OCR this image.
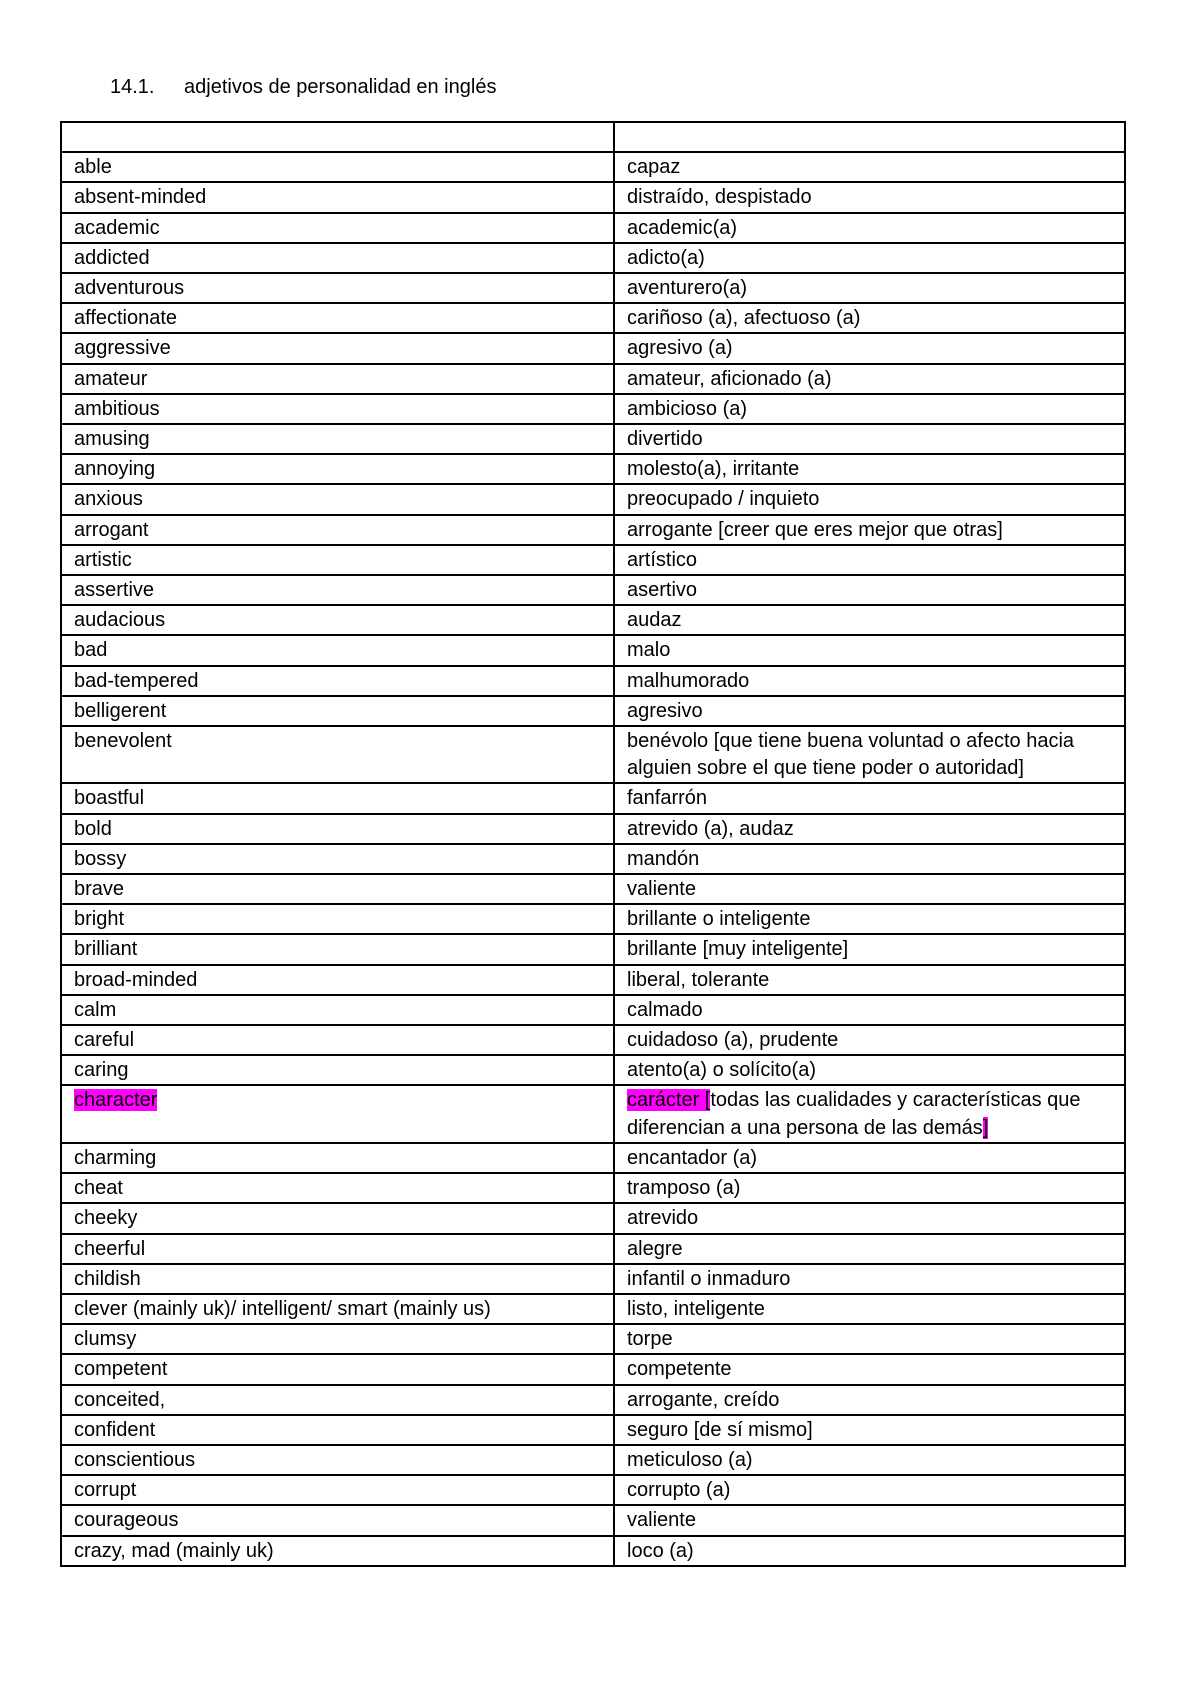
14.1. adjetivos de personalidad en inglés

able	capaz
absent-minded	distraído, despistado
academic	academic(a)
addicted	adicto(a)
adventurous	aventurero(a)
affectionate	cariñoso (a), afectuoso (a)
aggressive	agresivo (a)
amateur	amateur, aficionado (a)
ambitious	ambicioso (a)
amusing	divertido
annoying	molesto(a), irritante
anxious	preocupado / inquieto
arrogant	arrogante [creer que eres mejor que otras]
artistic	artístico
assertive	asertivo
audacious	audaz
bad	malo
bad-tempered	malhumorado
belligerent	agresivo
benevolent	benévolo [que tiene buena voluntad o afecto hacia alguien sobre el que tiene poder o autoridad]
boastful	fanfarrón
bold	atrevido (a), audaz
bossy	mandón
brave	valiente
bright	brillante o inteligente
brilliant	brillante [muy inteligente]
broad-minded	liberal, tolerante
calm	calmado
careful	cuidadoso (a), prudente
caring	atento(a) o solícito(a)
character	carácter [todas las cualidades y características que diferencian a una persona de las demás]
charming	encantador (a)
cheat	tramposo (a)
cheeky	atrevido
cheerful	alegre
childish	infantil o inmaduro
clever (mainly uk)/ intelligent/ smart (mainly us)	listo, inteligente
clumsy	torpe
competent	competente
conceited,	arrogante, creído
confident	seguro [de sí mismo]
conscientious	meticuloso (a)
corrupt	corrupto (a)
courageous	valiente
crazy, mad (mainly uk)	loco (a)
